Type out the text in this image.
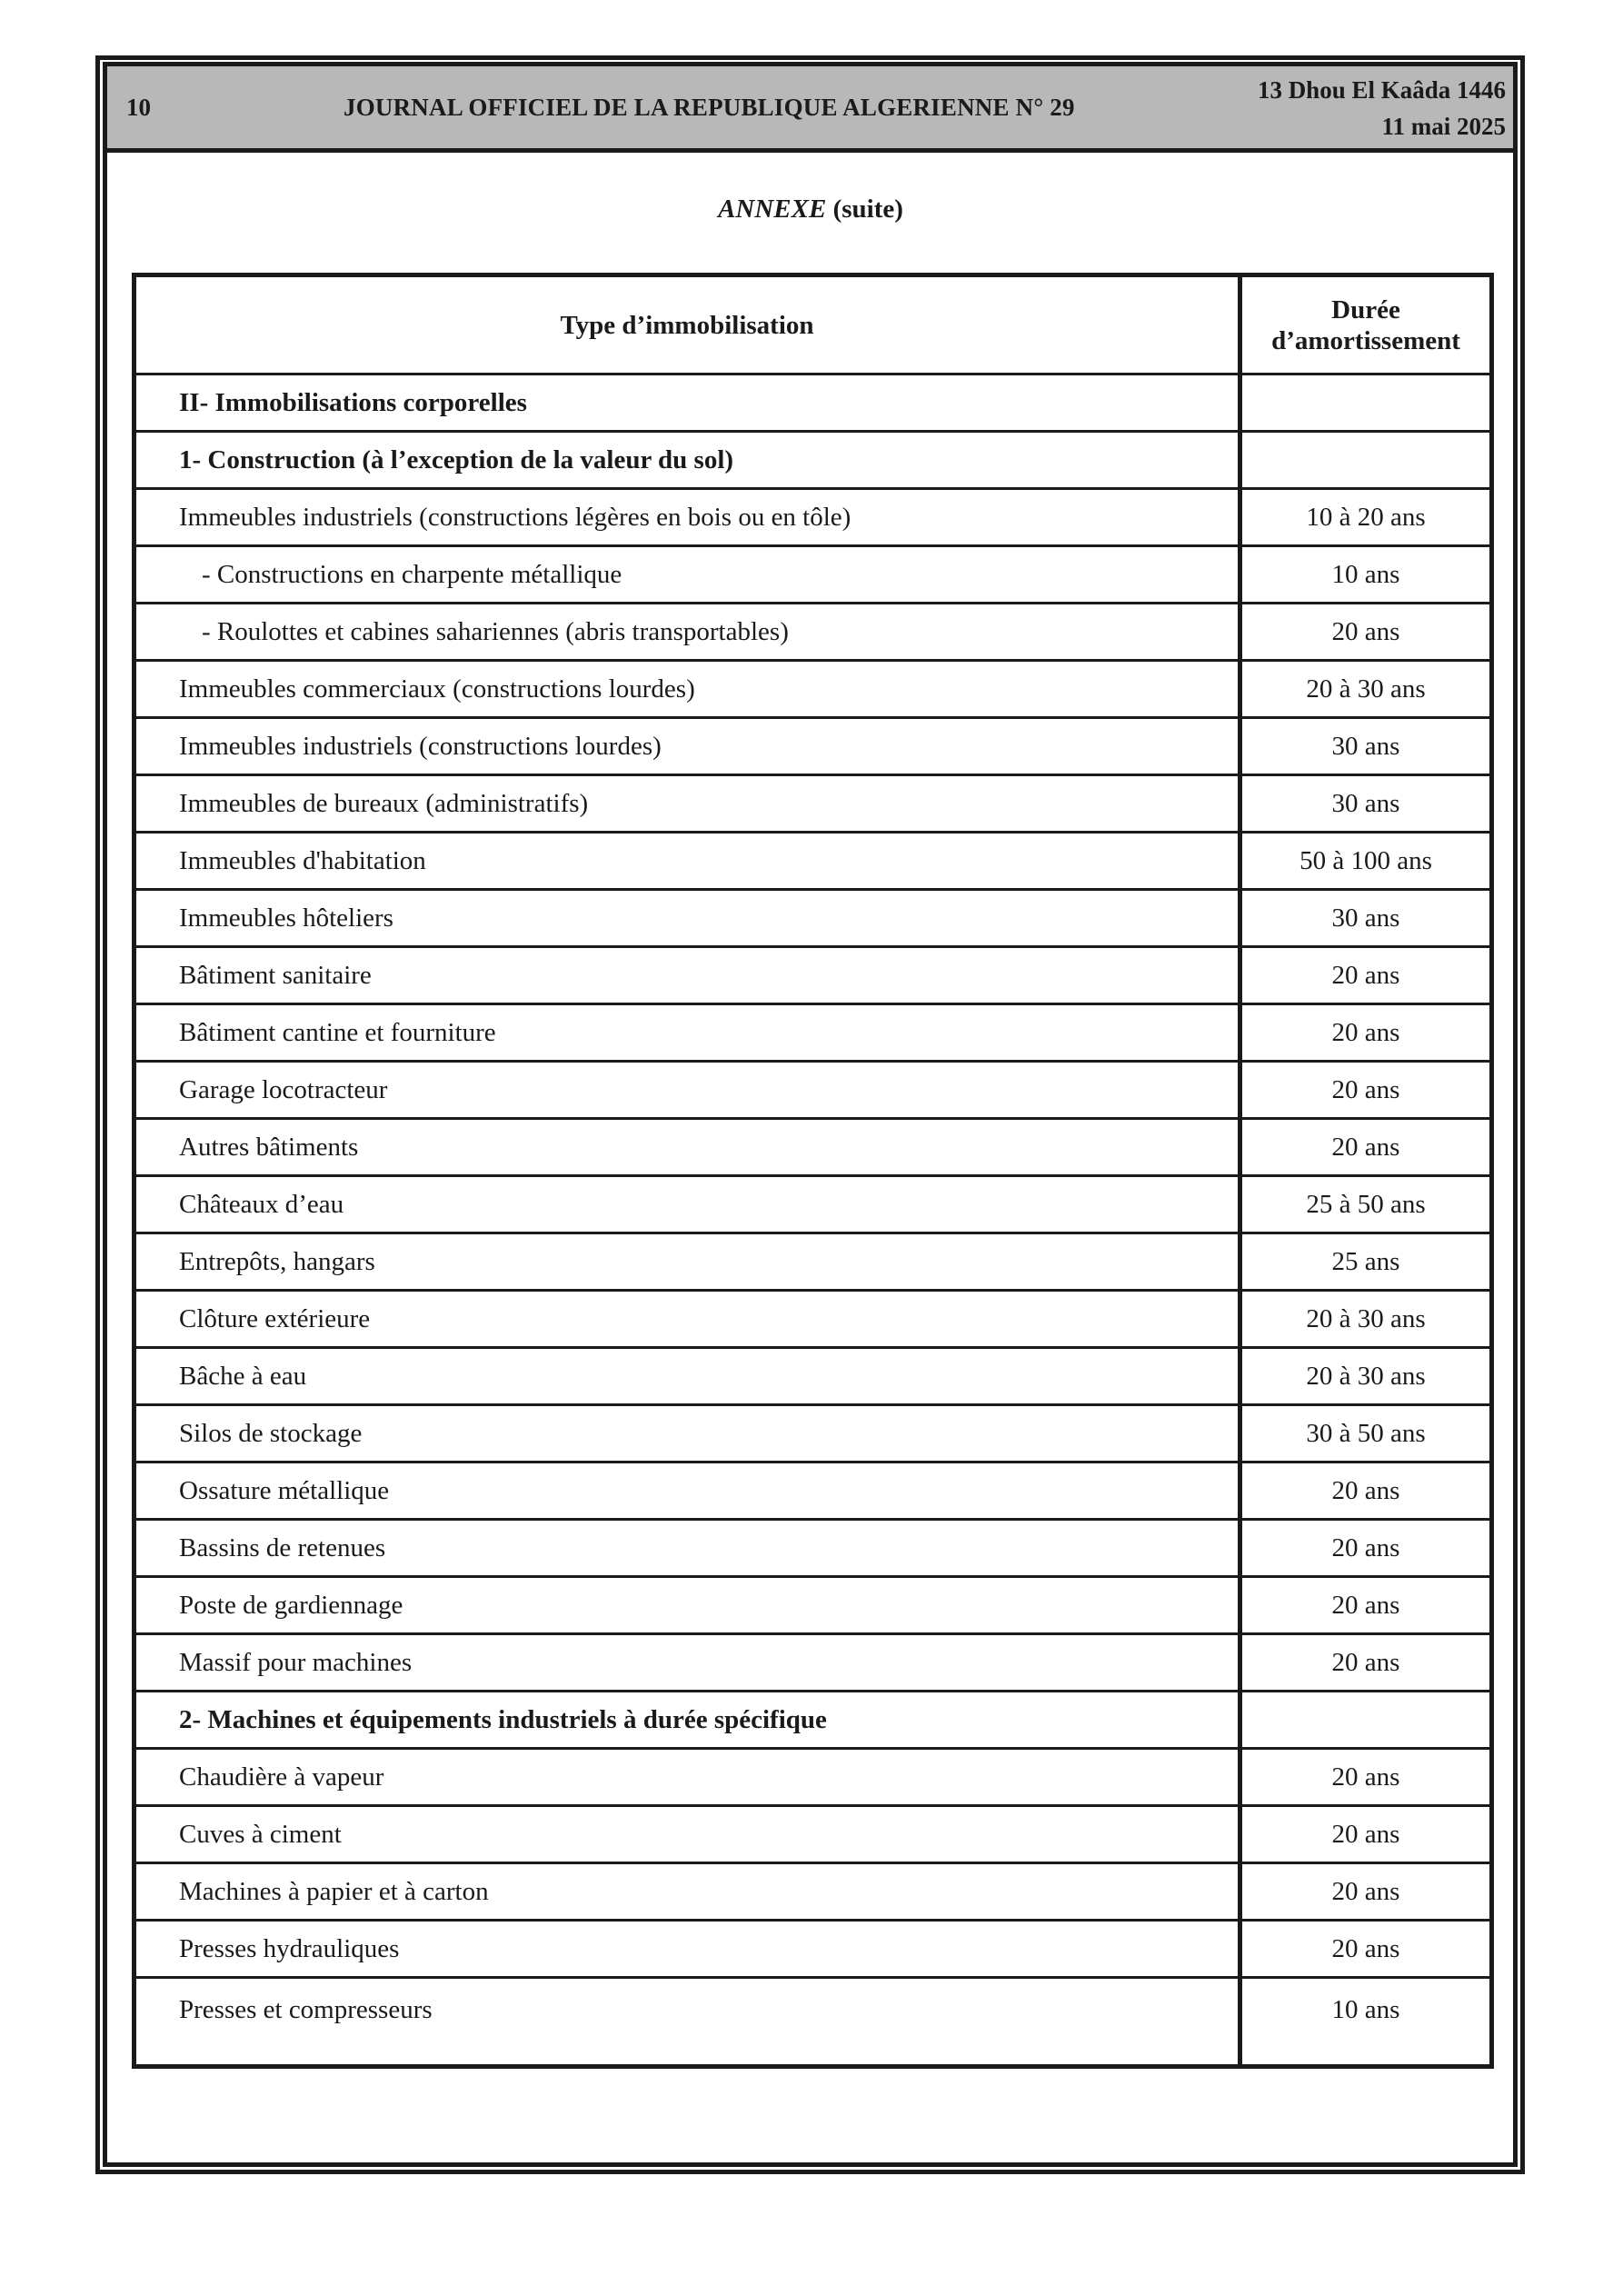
10	JOURNAL OFFICIEL DE LA REPUBLIQUE ALGERIENNE N° 29
13 Dhou El Kaâda 1446
11 mai 2025
ANNEXE (suite)
Type d’immobilisation	Durée
d’amortissement

II- Immobilisations corporelles	
1- Construction (à l’exception de la valeur du sol)	
Immeubles industriels (constructions légères en bois ou en tôle)	10 à 20 ans
- Constructions en charpente métallique	10 ans
- Roulottes et cabines sahariennes (abris transportables)	20 ans
Immeubles commerciaux (constructions lourdes)	20 à 30 ans
Immeubles industriels (constructions lourdes)	30 ans
Immeubles de bureaux (administratifs)	30 ans
Immeubles d'habitation	50 à 100 ans
Immeubles hôteliers	30 ans
Bâtiment sanitaire	20 ans
Bâtiment cantine et fourniture	20 ans
Garage locotracteur	20 ans
Autres bâtiments	20 ans
Châteaux d’eau	25 à 50 ans
Entrepôts, hangars	25 ans
Clôture extérieure	20 à 30 ans
Bâche à eau	20 à 30 ans
Silos de stockage	30 à 50 ans
Ossature métallique	20 ans
Bassins de retenues	20 ans
Poste de gardiennage	20 ans
Massif pour machines	20 ans
2- Machines et équipements industriels à durée spécifique	
Chaudière à vapeur	20 ans
Cuves à ciment	20 ans
Machines à papier et à carton	20 ans
Presses hydrauliques	20 ans
Presses et compresseurs	10 ans
